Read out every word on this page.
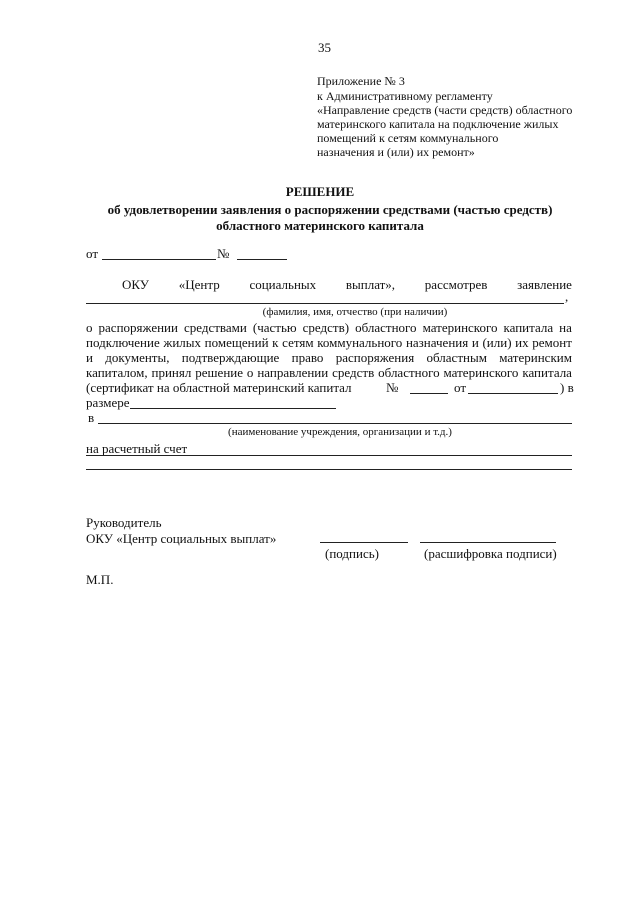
35
Приложение № 3
к Административному регламенту
«Направление средств (части средств) областного
материнского капитала на подключение жилых
помещений к сетям коммунального
назначения и (или) их ремонт»
РЕШЕНИЕ
об удовлетворении заявления о распоряжении средствами (частью средств)
областного материнского капитала
от	№
ОКУ «Центр социальных выплат», рассмотрев заявление
,
(фамилия, имя, отчество (при наличии)
о распоряжении средствами (частью средств) областного материнского капитала на
подключение жилых помещений к сетям коммунального назначения и (или) их ремонт
и документы, подтверждающие право распоряжения областным материнским
капиталом, принял решение о направлении средств областного материнского капитала
(сертификат на областной материнский капитал	№	от	) в
размере
в
(наименование учреждения, организации и т.д.)
на расчетный счет
Руководитель
ОКУ «Центр социальных выплат»
(подпись)	(расшифровка подписи)
М.П.
